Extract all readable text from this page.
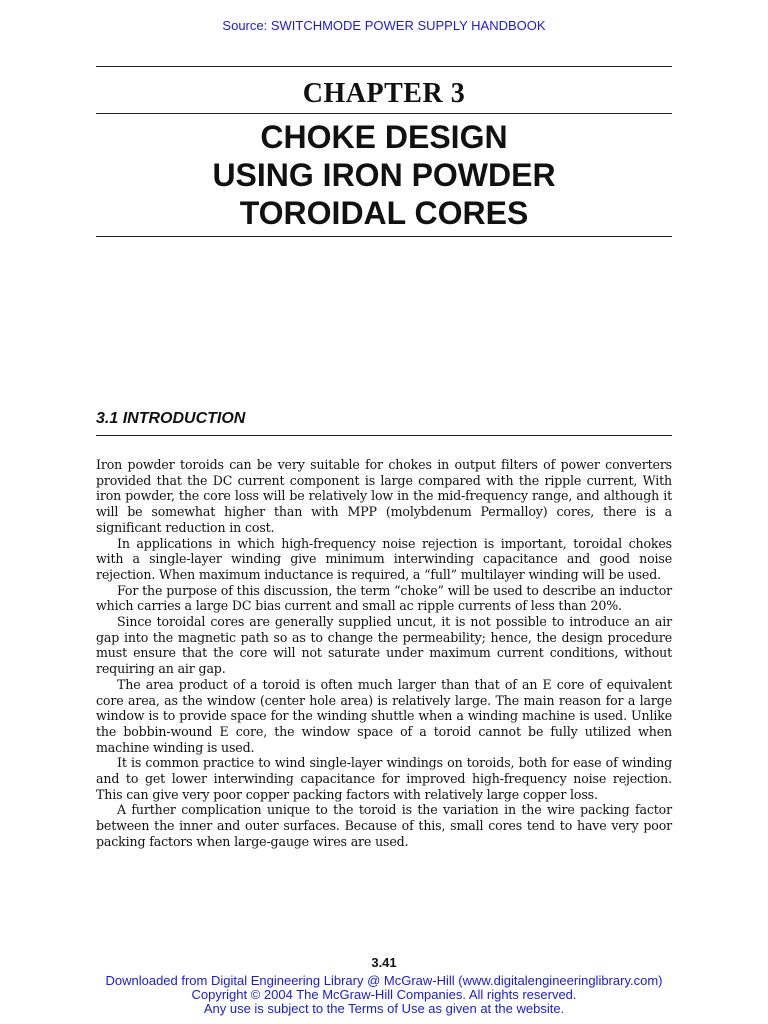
Source: SWITCHMODE POWER SUPPLY HANDBOOK
CHAPTER 3
CHOKE DESIGN
USING IRON POWDER
TOROIDAL CORES
3.1 INTRODUCTION

Iron powder toroids can be very suitable for chokes in output filters of power converters provided that the DC current component is large compared with the ripple current, With iron powder, the core loss will be relatively low in the mid-frequency range, and although it will be somewhat higher than with MPP (molybdenum Permalloy) cores, there is a significant reduction in cost.

In applications in which high-frequency noise rejection is important, toroidal chokes with a single-layer winding give minimum interwinding capacitance and good noise rejection. When maximum inductance is required, a “full” multilayer winding will be used.

For the purpose of this discussion, the term “choke” will be used to describe an inductor which carries a large DC bias current and small ac ripple currents of less than 20%.

Since toroidal cores are generally supplied uncut, it is not possible to introduce an air gap into the magnetic path so as to change the permeability; hence, the design procedure must ensure that the core will not saturate under maximum current conditions, without requiring an air gap.

The area product of a toroid is often much larger than that of an E core of equivalent core area, as the window (center hole area) is relatively large. The main reason for a large window is to provide space for the winding shuttle when a winding machine is used. Unlike the bobbin-wound E core, the window space of a toroid cannot be fully utilized when machine winding is used.

It is common practice to wind single-layer windings on toroids, both for ease of winding and to get lower interwinding capacitance for improved high-frequency noise rejection. This can give very poor copper packing factors with relatively large copper loss.

A further complication unique to the toroid is the variation in the wire packing factor between the inner and outer surfaces. Because of this, small cores tend to have very poor packing factors when large-gauge wires are used.

3.41
Downloaded from Digital Engineering Library @ McGraw-Hill (www.digitalengineeringlibrary.com)
Copyright © 2004 The McGraw-Hill Companies. All rights reserved.
Any use is subject to the Terms of Use as given at the website.
